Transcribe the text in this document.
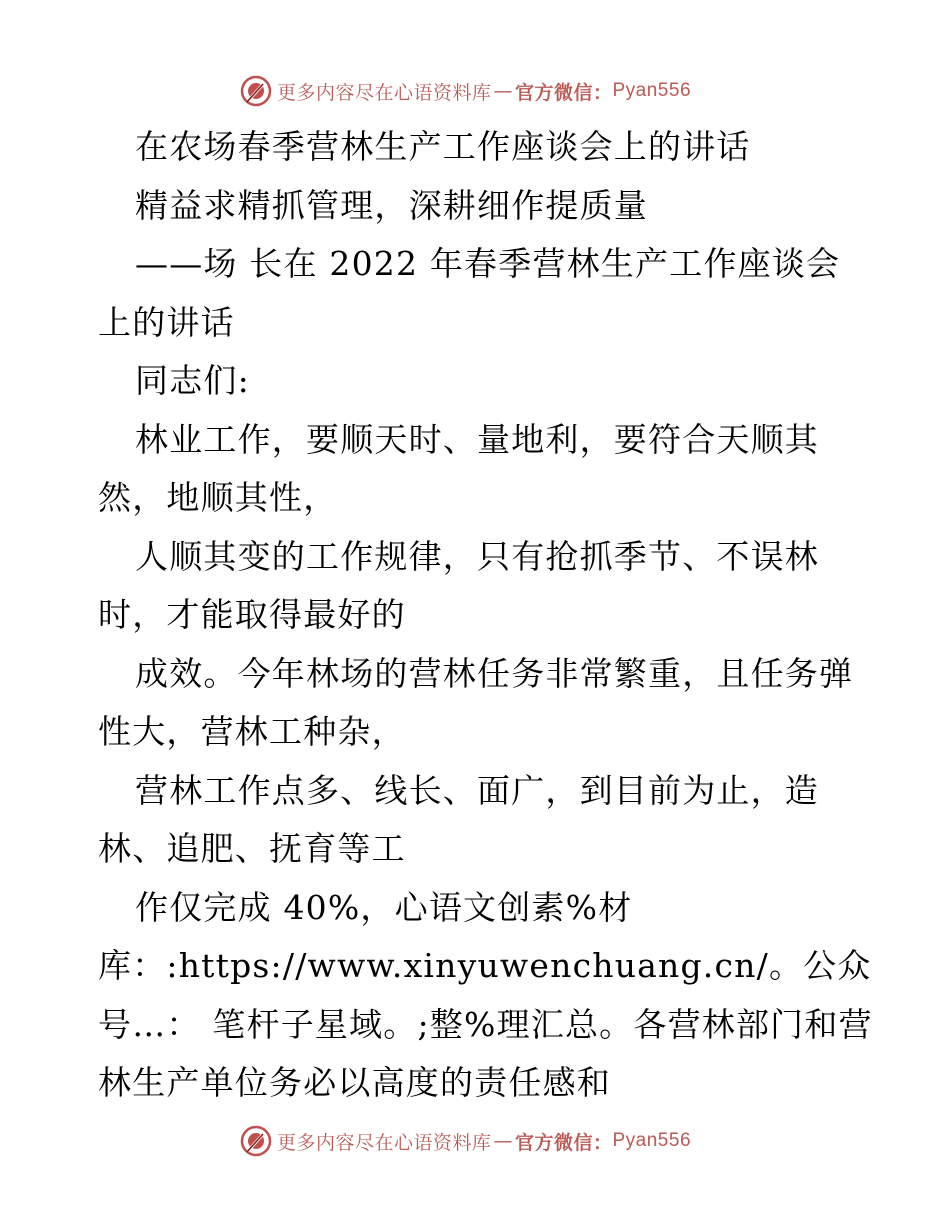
更多内容尽在心语资料库 — 官方微信： Pyan556

在农场春季营林生产工作座谈会上的讲话

精益求精抓管理，深耕细作提质量

——场 长在 2022 年春季营林生产工作座谈会

上的讲话

同志们:

林业工作，要顺天时、量地利，要符合天顺其

然，地顺其性，

人顺其变的工作规律，只有抢抓季节、不误林

时，才能取得最好的

成效。今年林场的营林任务非常繁重，且任务弹

性大，营林工种杂，

营林工作点多、线长、面广，到目前为止，造

林、追肥、抚育等工

作仅完成 40%，心语文创素%材

库：:https://www.xinyuwenchuang.cn/。公众

号…： 笔杆子星域。;整%理汇总。各营林部门和营

林生产单位务必以高度的责任感和

更多内容尽在心语资料库 — 官方微信： Pyan556
